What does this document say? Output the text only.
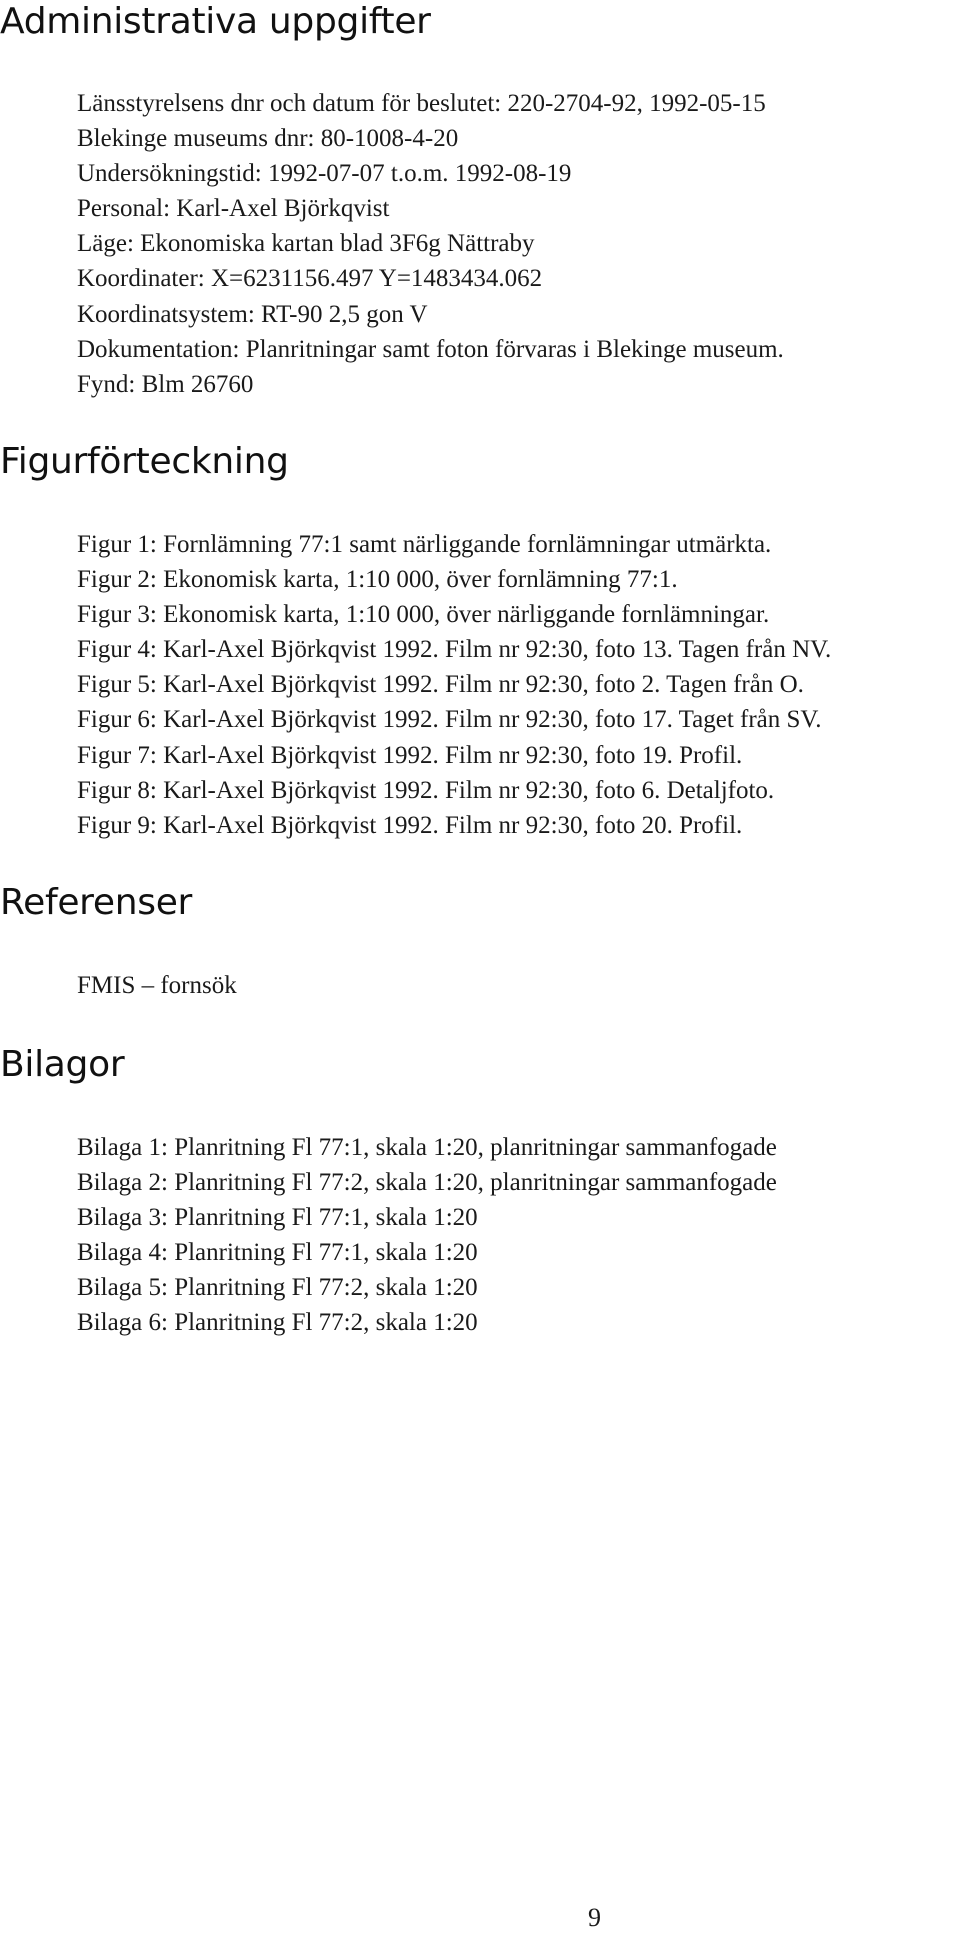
Administrativa uppgifter
Länsstyrelsens dnr och datum för beslutet: 220-2704-92, 1992-05-15
Blekinge museums dnr: 80-1008-4-20
Undersökningstid: 1992-07-07 t.o.m. 1992-08-19
Personal: Karl-Axel Björkqvist
Läge: Ekonomiska kartan blad 3F6g Nättraby
Koordinater: X=6231156.497 Y=1483434.062
Koordinatsystem: RT-90 2,5 gon V
Dokumentation: Planritningar samt foton förvaras i Blekinge museum.
Fynd: Blm 26760
Figurförteckning
Figur 1: Fornlämning 77:1 samt närliggande fornlämningar utmärkta.
Figur 2: Ekonomisk karta, 1:10 000, över fornlämning 77:1.
Figur 3: Ekonomisk karta, 1:10 000, över närliggande fornlämningar.
Figur 4: Karl-Axel Björkqvist 1992. Film nr 92:30, foto 13. Tagen från NV.
Figur 5: Karl-Axel Björkqvist 1992. Film nr 92:30, foto 2. Tagen från O.
Figur 6: Karl-Axel Björkqvist 1992. Film nr 92:30, foto 17. Taget från SV.
Figur 7: Karl-Axel Björkqvist 1992. Film nr 92:30, foto 19. Profil.
Figur 8: Karl-Axel Björkqvist 1992. Film nr 92:30, foto 6. Detaljfoto.
Figur 9: Karl-Axel Björkqvist 1992. Film nr 92:30, foto 20. Profil.
Referenser
FMIS – fornsök
Bilagor
Bilaga 1: Planritning Fl 77:1, skala 1:20, planritningar sammanfogade
Bilaga 2: Planritning Fl 77:2, skala 1:20, planritningar sammanfogade
Bilaga 3: Planritning Fl 77:1, skala 1:20
Bilaga 4: Planritning Fl 77:1, skala 1:20
Bilaga 5: Planritning Fl 77:2, skala 1:20
Bilaga 6: Planritning Fl 77:2, skala 1:20
9
